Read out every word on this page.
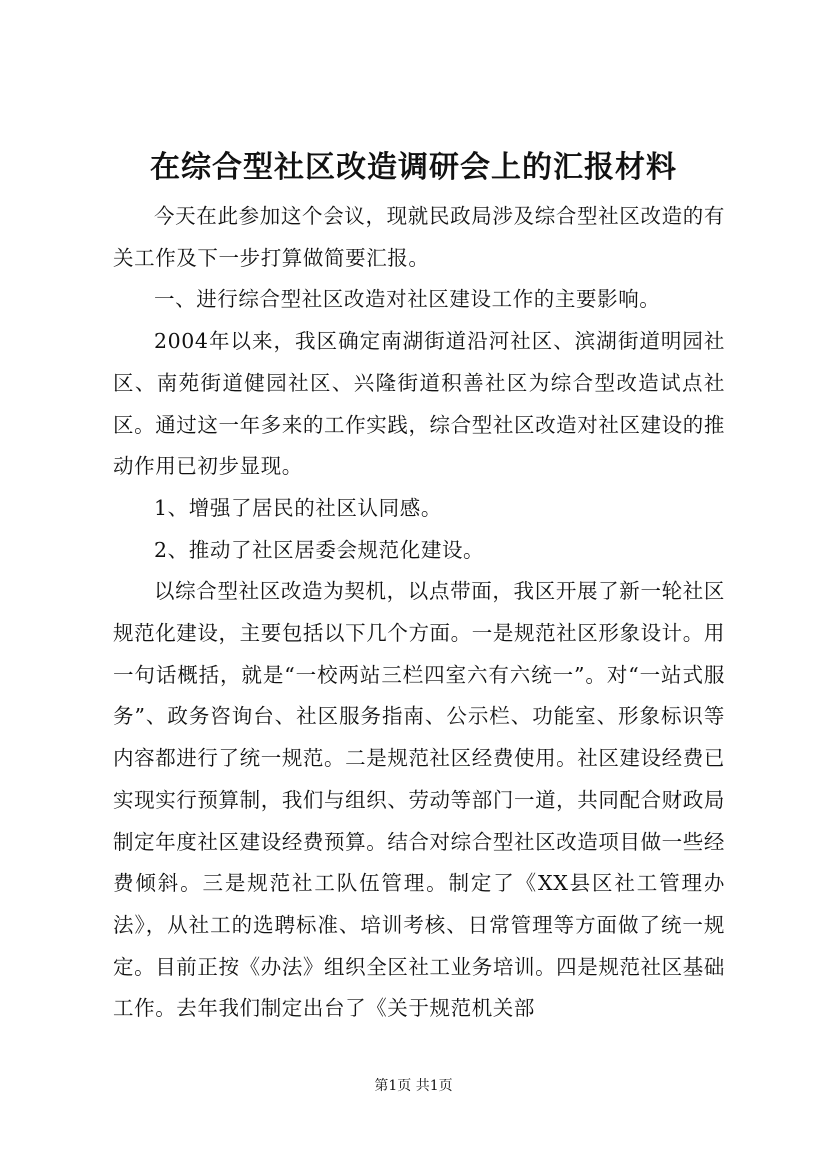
在综合型社区改造调研会上的汇报材料

今天在此参加这个会议，现就民政局涉及综合型社区改造的有关工作及下一步打算做简要汇报。

一、进行综合型社区改造对社区建设工作的主要影响。

2004年以来，我区确定南湖街道沿河社区、滨湖街道明园社区、南苑街道健园社区、兴隆街道积善社区为综合型改造试点社区。通过这一年多来的工作实践，综合型社区改造对社区建设的推动作用已初步显现。

1、增强了居民的社区认同感。

2、推动了社区居委会规范化建设。

以综合型社区改造为契机，以点带面，我区开展了新一轮社区规范化建设，主要包括以下几个方面。一是规范社区形象设计。用一句话概括，就是“一校两站三栏四室六有六统一”。对“一站式服务”、政务咨询台、社区服务指南、公示栏、功能室、形象标识等内容都进行了统一规范。二是规范社区经费使用。社区建设经费已实现实行预算制，我们与组织、劳动等部门一道，共同配合财政局制定年度社区建设经费预算。结合对综合型社区改造项目做一些经费倾斜。三是规范社工队伍管理。制定了《XX县区社工管理办法》，从社工的选聘标准、培训考核、日常管理等方面做了统一规定。目前正按《办法》组织全区社工业务培训。四是规范社区基础工作。去年我们制定出台了《关于规范机关部

第1页 共1页
